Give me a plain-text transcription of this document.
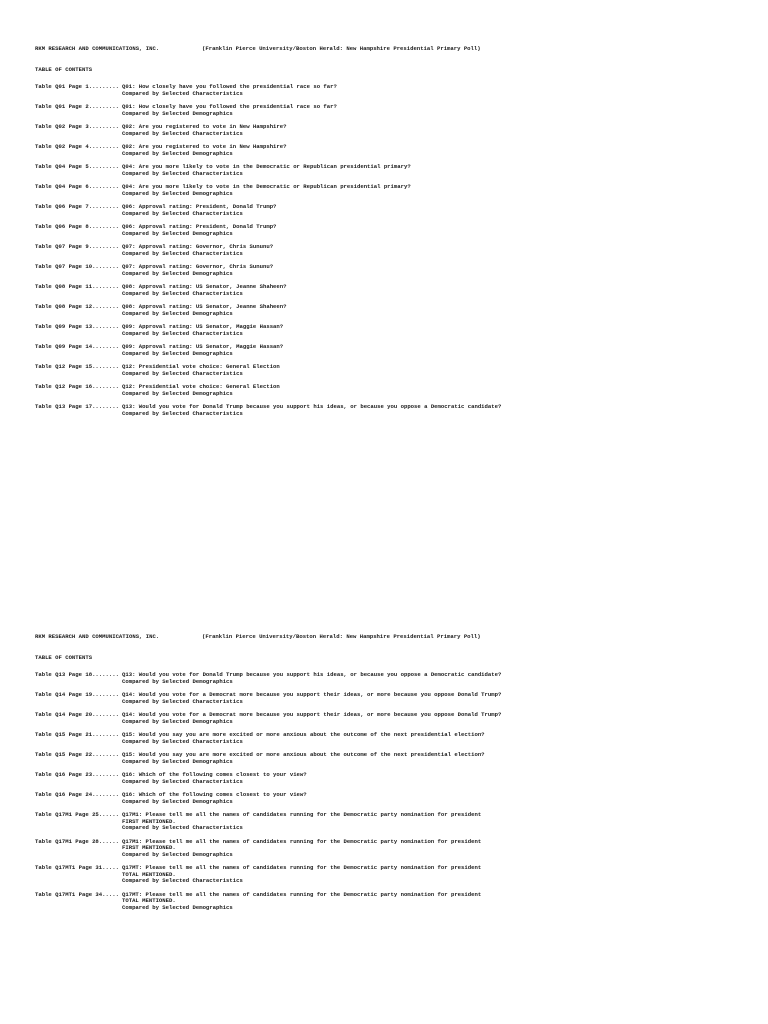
RKM RESEARCH AND COMMUNICATIONS, INC.	(Franklin Pierce University/Boston Herald: New Hampshire Presidential Primary Poll)
TABLE OF CONTENTS
Table Q01 Page 1......... Q01: How closely have you followed the presidential race so far?
Compared by Selected Characteristics
Table Q01 Page 2......... Q01: How closely have you followed the presidential race so far?
Compared by Selected Demographics
Table Q02 Page 3......... Q02: Are you registered to vote in New Hampshire?
Compared by Selected Characteristics
Table Q02 Page 4......... Q02: Are you registered to vote in New Hampshire?
Compared by Selected Demographics
Table Q04 Page 5......... Q04: Are you more likely to vote in the Democratic or Republican presidential primary?
Compared by Selected Characteristics
Table Q04 Page 6......... Q04: Are you more likely to vote in the Democratic or Republican presidential primary?
Compared by Selected Demographics
Table Q06 Page 7......... Q06: Approval rating: President, Donald Trump?
Compared by Selected Characteristics
Table Q06 Page 8......... Q06: Approval rating: President, Donald Trump?
Compared by Selected Demographics
Table Q07 Page 9......... Q07: Approval rating: Governor, Chris Sununu?
Compared by Selected Characteristics
Table Q07 Page 10........ Q07: Approval rating: Governor, Chris Sununu?
Compared by Selected Demographics
Table Q08 Page 11........ Q08: Approval rating: US Senator, Jeanne Shaheen?
Compared by Selected Characteristics
Table Q08 Page 12........ Q08: Approval rating: US Senator, Jeanne Shaheen?
Compared by Selected Demographics
Table Q09 Page 13........ Q09: Approval rating: US Senator, Maggie Hassan?
Compared by Selected Characteristics
Table Q09 Page 14........ Q09: Approval rating: US Senator, Maggie Hassan?
Compared by Selected Demographics
Table Q12 Page 15........ Q12: Presidential vote choice: General Election
Compared by Selected Characteristics
Table Q12 Page 16........ Q12: Presidential vote choice: General Election
Compared by Selected Demographics
Table Q13 Page 17........ Q13: Would you vote for Donald Trump because you support his ideas, or because you oppose a Democratic candidate?
Compared by Selected Characteristics
RKM RESEARCH AND COMMUNICATIONS, INC.	(Franklin Pierce University/Boston Herald: New Hampshire Presidential Primary Poll)
TABLE OF CONTENTS
Table Q13 Page 18........ Q13: Would you vote for Donald Trump because you support his ideas, or because you oppose a Democratic candidate?
Compared by Selected Demographics
Table Q14 Page 19........ Q14: Would you vote for a Democrat more because you support their ideas, or more because you oppose Donald Trump?
Compared by Selected Characteristics
Table Q14 Page 20........ Q14: Would you vote for a Democrat more because you support their ideas, or more because you oppose Donald Trump?
Compared by Selected Demographics
Table Q15 Page 21........ Q15: Would you say you are more excited or more anxious about the outcome of the next presidential election?
Compared by Selected Characteristics
Table Q15 Page 22........ Q15: Would you say you are more excited or more anxious about the outcome of the next presidential election?
Compared by Selected Demographics
Table Q16 Page 23........ Q16: Which of the following comes closest to your view?
Compared by Selected Characteristics
Table Q16 Page 24........ Q16: Which of the following comes closest to your view?
Compared by Selected Demographics
Table Q17M1 Page 25...... Q17M1: Please tell me all the names of candidates running for the Democratic party nomination for president
FIRST MENTIONED.
Compared by Selected Characteristics
Table Q17M1 Page 28...... Q17M1: Please tell me all the names of candidates running for the Democratic party nomination for president
FIRST MENTIONED.
Compared by Selected Demographics
Table Q17MT1 Page 31..... Q17MT: Please tell me all the names of candidates running for the Democratic party nomination for president
TOTAL MENTIONED.
Compared by Selected Characteristics
Table Q17MT1 Page 34..... Q17MT: Please tell me all the names of candidates running for the Democratic party nomination for president
TOTAL MENTIONED.
Compared by Selected Demographics
